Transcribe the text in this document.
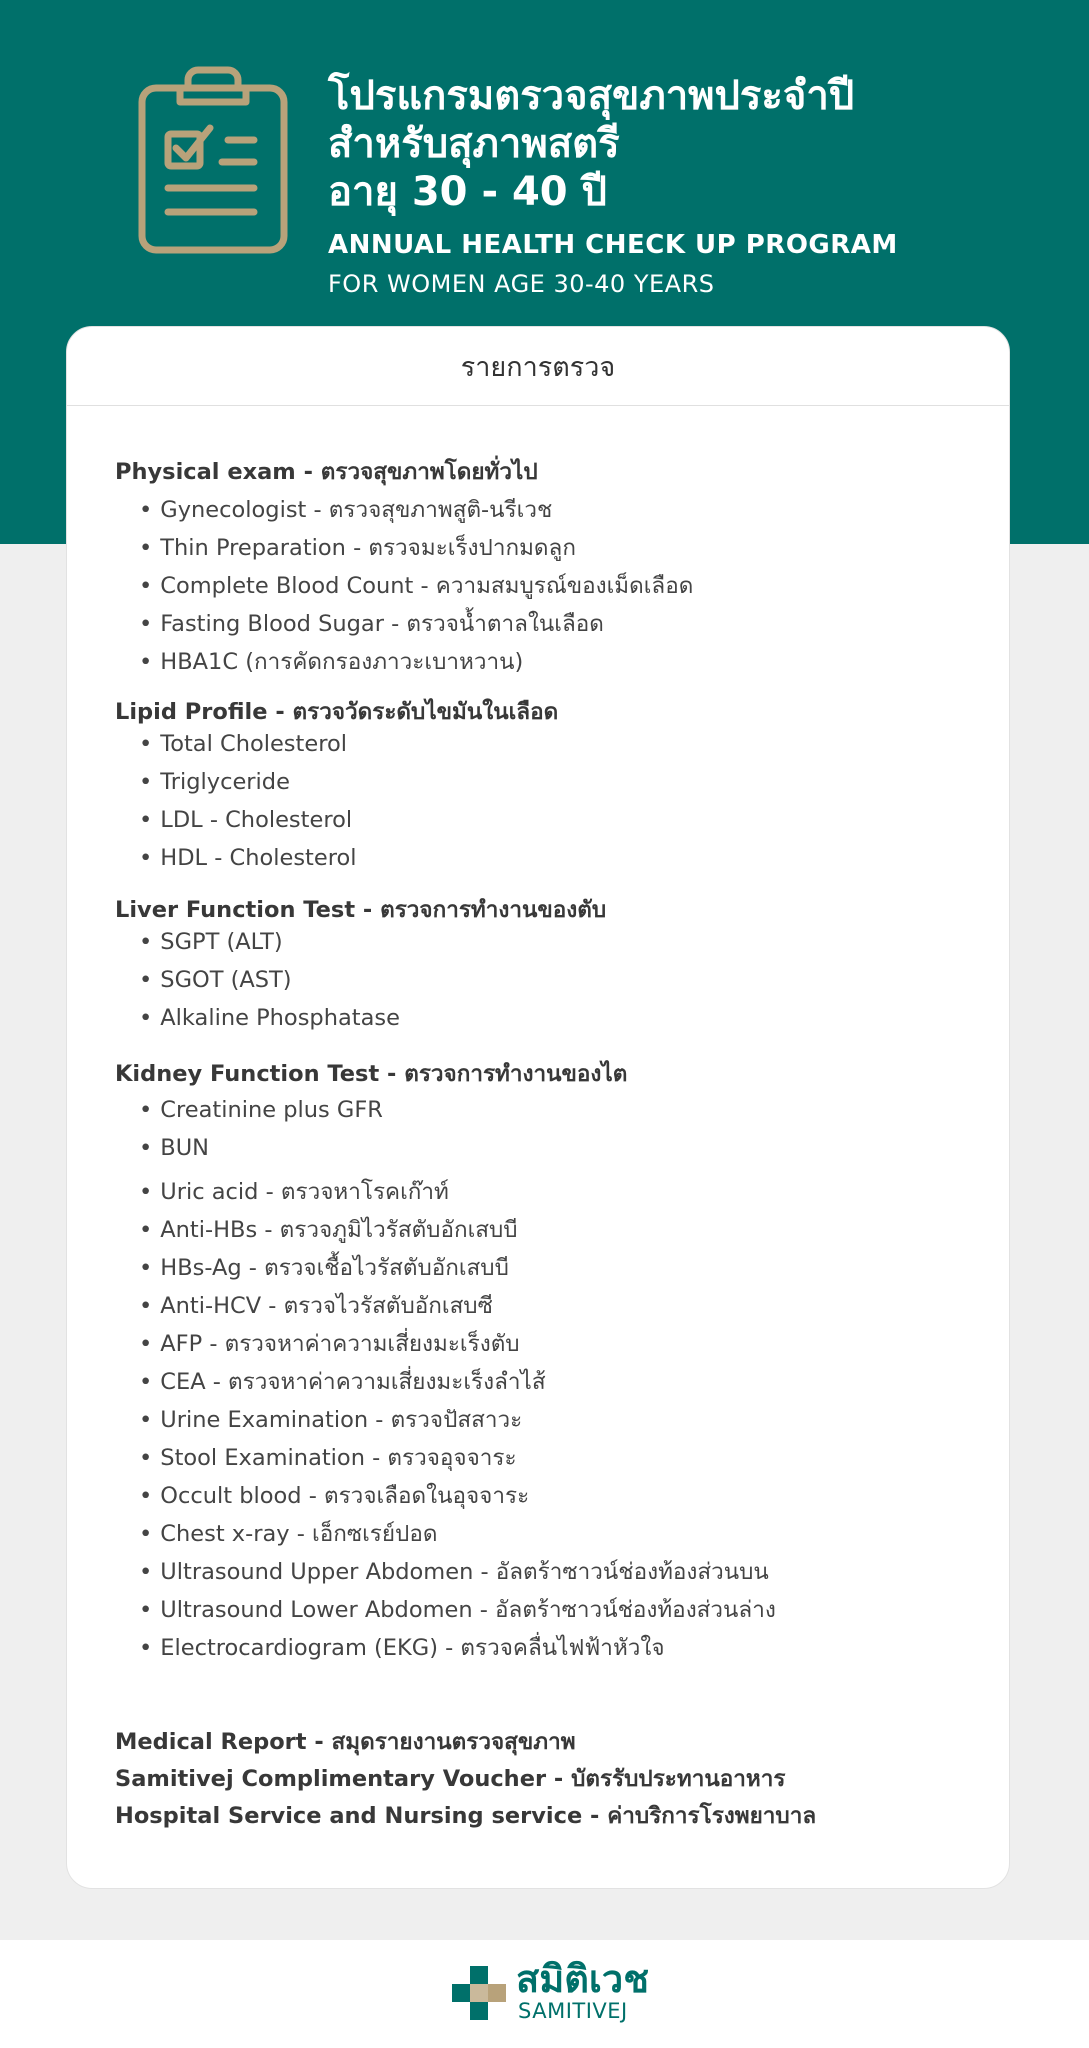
โปรแกรมตรวจสุขภาพประจำปี
สำหรับสุภาพสตรี
อายุ 30 - 40 ปี
ANNUAL HEALTH CHECK UP PROGRAM
FOR WOMEN AGE 30-40 YEARS
รายการตรวจ
Physical exam - ตรวจสุขภาพโดยทั่วไป
• Gynecologist - ตรวจสุขภาพสูติ-นรีเวช
• Thin Preparation - ตรวจมะเร็งปากมดลูก
• Complete Blood Count - ความสมบูรณ์ของเม็ดเลือด
• Fasting Blood Sugar - ตรวจน้ำตาลในเลือด
• HBA1C (การคัดกรองภาวะเบาหวาน)
Lipid Profile - ตรวจวัดระดับไขมันในเลือด
• Total Cholesterol
• Triglyceride
• LDL - Cholesterol
• HDL - Cholesterol
Liver Function Test - ตรวจการทำงานของตับ
• SGPT (ALT)
• SGOT (AST)
• Alkaline Phosphatase
Kidney Function Test - ตรวจการทำงานของไต
• Creatinine plus GFR
• BUN
• Uric acid - ตรวจหาโรคเก๊าท์
• Anti-HBs - ตรวจภูมิไวรัสตับอักเสบบี
• HBs-Ag - ตรวจเชื้อไวรัสตับอักเสบบี
• Anti-HCV - ตรวจไวรัสตับอักเสบซี
• AFP - ตรวจหาค่าความเสี่ยงมะเร็งตับ
• CEA - ตรวจหาค่าความเสี่ยงมะเร็งลำไส้
• Urine Examination - ตรวจปัสสาวะ
• Stool Examination - ตรวจอุจจาระ
• Occult blood - ตรวจเลือดในอุจจาระ
• Chest x-ray - เอ็กซเรย์ปอด
• Ultrasound Upper Abdomen - อัลตร้าซาวน์ช่องท้องส่วนบน
• Ultrasound Lower Abdomen - อัลตร้าซาวน์ช่องท้องส่วนล่าง
• Electrocardiogram (EKG) - ตรวจคลื่นไฟฟ้าหัวใจ
Medical Report - สมุดรายงานตรวจสุขภาพ
Samitivej Complimentary Voucher - บัตรรับประทานอาหาร
Hospital Service and Nursing service - ค่าบริการโรงพยาบาล
สมิติเวช
SAMITIVEJ
